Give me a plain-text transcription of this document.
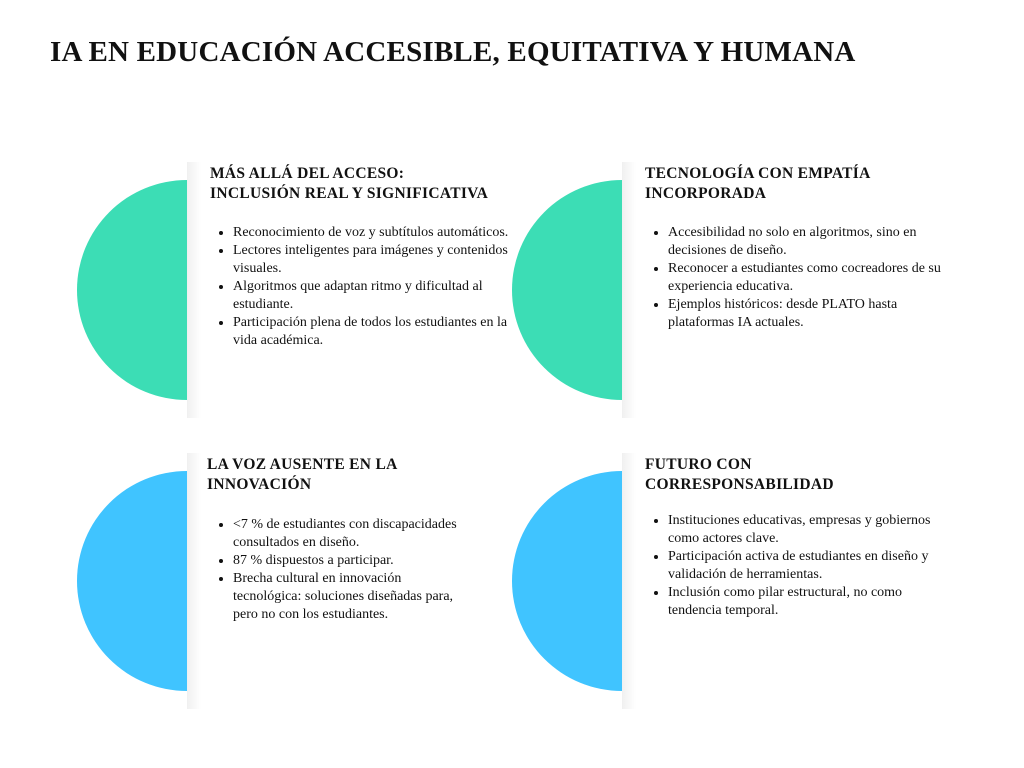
IA EN EDUCACIÓN ACCESIBLE, EQUITATIVA Y HUMANA
MÁS ALLÁ DEL ACCESO:
INCLUSIÓN REAL Y SIGNIFICATIVA
• Reconocimiento de voz y subtítulos automáticos.
• Lectores inteligentes para imágenes y contenidos visuales.
• Algoritmos que adaptan ritmo y dificultad al estudiante.
• Participación plena de todos los estudiantes en la vida académica.
TECNOLOGÍA CON EMPATÍA
INCORPORADA
• Accesibilidad no solo en algoritmos, sino en decisiones de diseño.
• Reconocer a estudiantes como cocreadores de su experiencia educativa.
• Ejemplos históricos: desde PLATO hasta plataformas IA actuales.
LA VOZ AUSENTE EN LA
INNOVACIÓN
• <7 % de estudiantes con discapacidades consultados en diseño.
• 87 % dispuestos a participar.
• Brecha cultural en innovación tecnológica: soluciones diseñadas para, pero no con los estudiantes.
FUTURO CON
CORRESPONSABILIDAD
• Instituciones educativas, empresas y gobiernos como actores clave.
• Participación activa de estudiantes en diseño y validación de herramientas.
• Inclusión como pilar estructural, no como tendencia temporal.
